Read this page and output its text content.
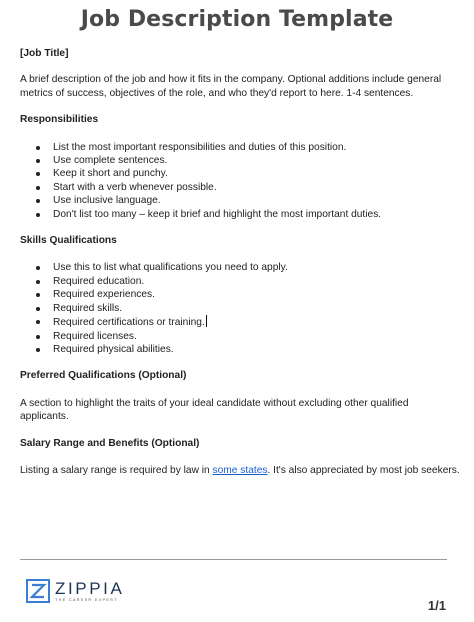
Job Description Template

[Job Title]

A brief description of the job and how it fits in the company. Optional additions include general metrics of success, objectives of the role, and who they'd report to here. 1-4 sentences.

Responsibilities

List the most important responsibilities and duties of this position.
Use complete sentences.
Keep it short and punchy.
Start with a verb whenever possible.
Use inclusive language.
Don't list too many – keep it brief and highlight the most important duties.

Skills Qualifications

Use this to list what qualifications you need to apply.
Required education.
Required experiences.
Required skills.
Required certifications or training.
Required licenses.
Required physical abilities.

Preferred Qualifications (Optional)

A section to highlight the traits of your ideal candidate without excluding other qualified applicants.

Salary Range and Benefits (Optional)

Listing a salary range is required by law in some states. It's also appreciated by most job seekers.

ZIPPIA
THE CAREER EXPERT	1/1
